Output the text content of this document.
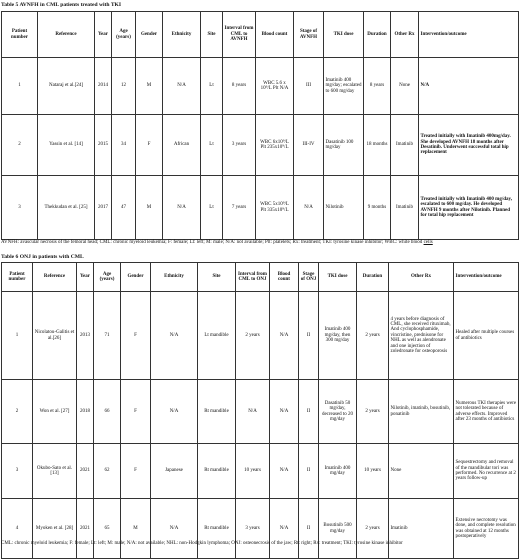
Table 5 AVNFH in CML patients treated with TKI
Patient number	Reference	Year	Age (years)	Gender	Ethnicity	Site	Interval from CML to AVNFH	Blood count	Stage of AVNFH	TKI dose	Duration	Other Rx	Intervention/outcome
1	Nataraj et al.[24]	2014	12	M	N/A	Lt	8 years	WBC 5.6 x 10⁹/L Plt N/A	III	Imatinib 400 mg/day; escalated to 600 mg/day	8 years	None	N/A
2	Yassin et al. [14]	2015	34	F	African	Lt	3 years	WBC 6x10⁹/L Plt 235x10⁹/L	III-IV	Dasatinib 100 mg/day	18 months	Imatinib	Treated initially with Imatinib 400mg/day. She developed AVNFH 18 months after Desatinib. Underwent successful total hip replacement
3	Thekkudan et al. [25]	2017	47	M	N/A	Lt	7 years	WBC 5x10⁹/L Plt 335x10⁹/L	N/A	Nilotinib	9 months	Imatinib	Treated initially with Imatinib 400 mg/day, escalated to 600 mg/day. He developed AVNFH 9 months after Nilotinib. Planned for total hip replacement
AVNFH: avascular necrosis of the femoral head; CML: chronic myeloid leukemia; F: female; Lt: left; M: male; N/A: not available; Plt: platelets; Rx: treatment; TKI: tyrosine kinase inhibitor; WBC: white blood cells
Table 6 ONJ in patients with CML
Patient number	Reference	Year	Age (years)	Gender	Ethnicity	Site	Interval from CML to ONJ	Blood count	Stage of ONJ	TKI dose	Duration	Other Rx	Intervention/outcome
1	Nicolatou-Galitis et al.[26]	2013	71	F	N/A	Lt mandible	2 years	N/A	II	Imatinib 400 mg/day, then 300 mg/day	2 years	4 years before diagnosis of CML, she received rituximab, And cyclophosphamide, vincristine, prednisone for NHL as well as alendronate and one injection of zoledronate for osteoporosis	Healed after multiple courses of antibiotics
2	Won et al. [27]	2018	66	F	N/A	Rt mandible	N/A	N/A	II	Dasatinib 50 mg/day, decreased to 20 mg/day	2 years	Nilotinib, imatinib, bosutinib, ponatinib	Numerous TKI therapies were not tolerated because of adverse effects. Improved after 23 months of antibiotics
3	Okubo-Sato et al. [13]	2021	62	F	Japanese	Rt mandible	10 years	N/A	II	Imatinib 400 mg/day	10 years	None	Sequestrectomy and removal of the mandibular tori was performed. No recurrence at 2 years follow-up
4	Myoken et al. [28]	2021	65	M	N/A	Rt mandible	3 years	N/A	II	Bosutinib 500 mg/day	2 years	Imatinib	Extensive necrotomy was done, and complete resolution was obtained at 12 months postoperatively
CML: chronic myeloid leukemia; F: female; Lt: left; M: male; N/A: not available; NHL: non-Hodgkin lymphoma; ONJ: osteonecrosis of the jaw; Rt: right; Rx: treatment; TKI: tyrosine kinase inhibitor
